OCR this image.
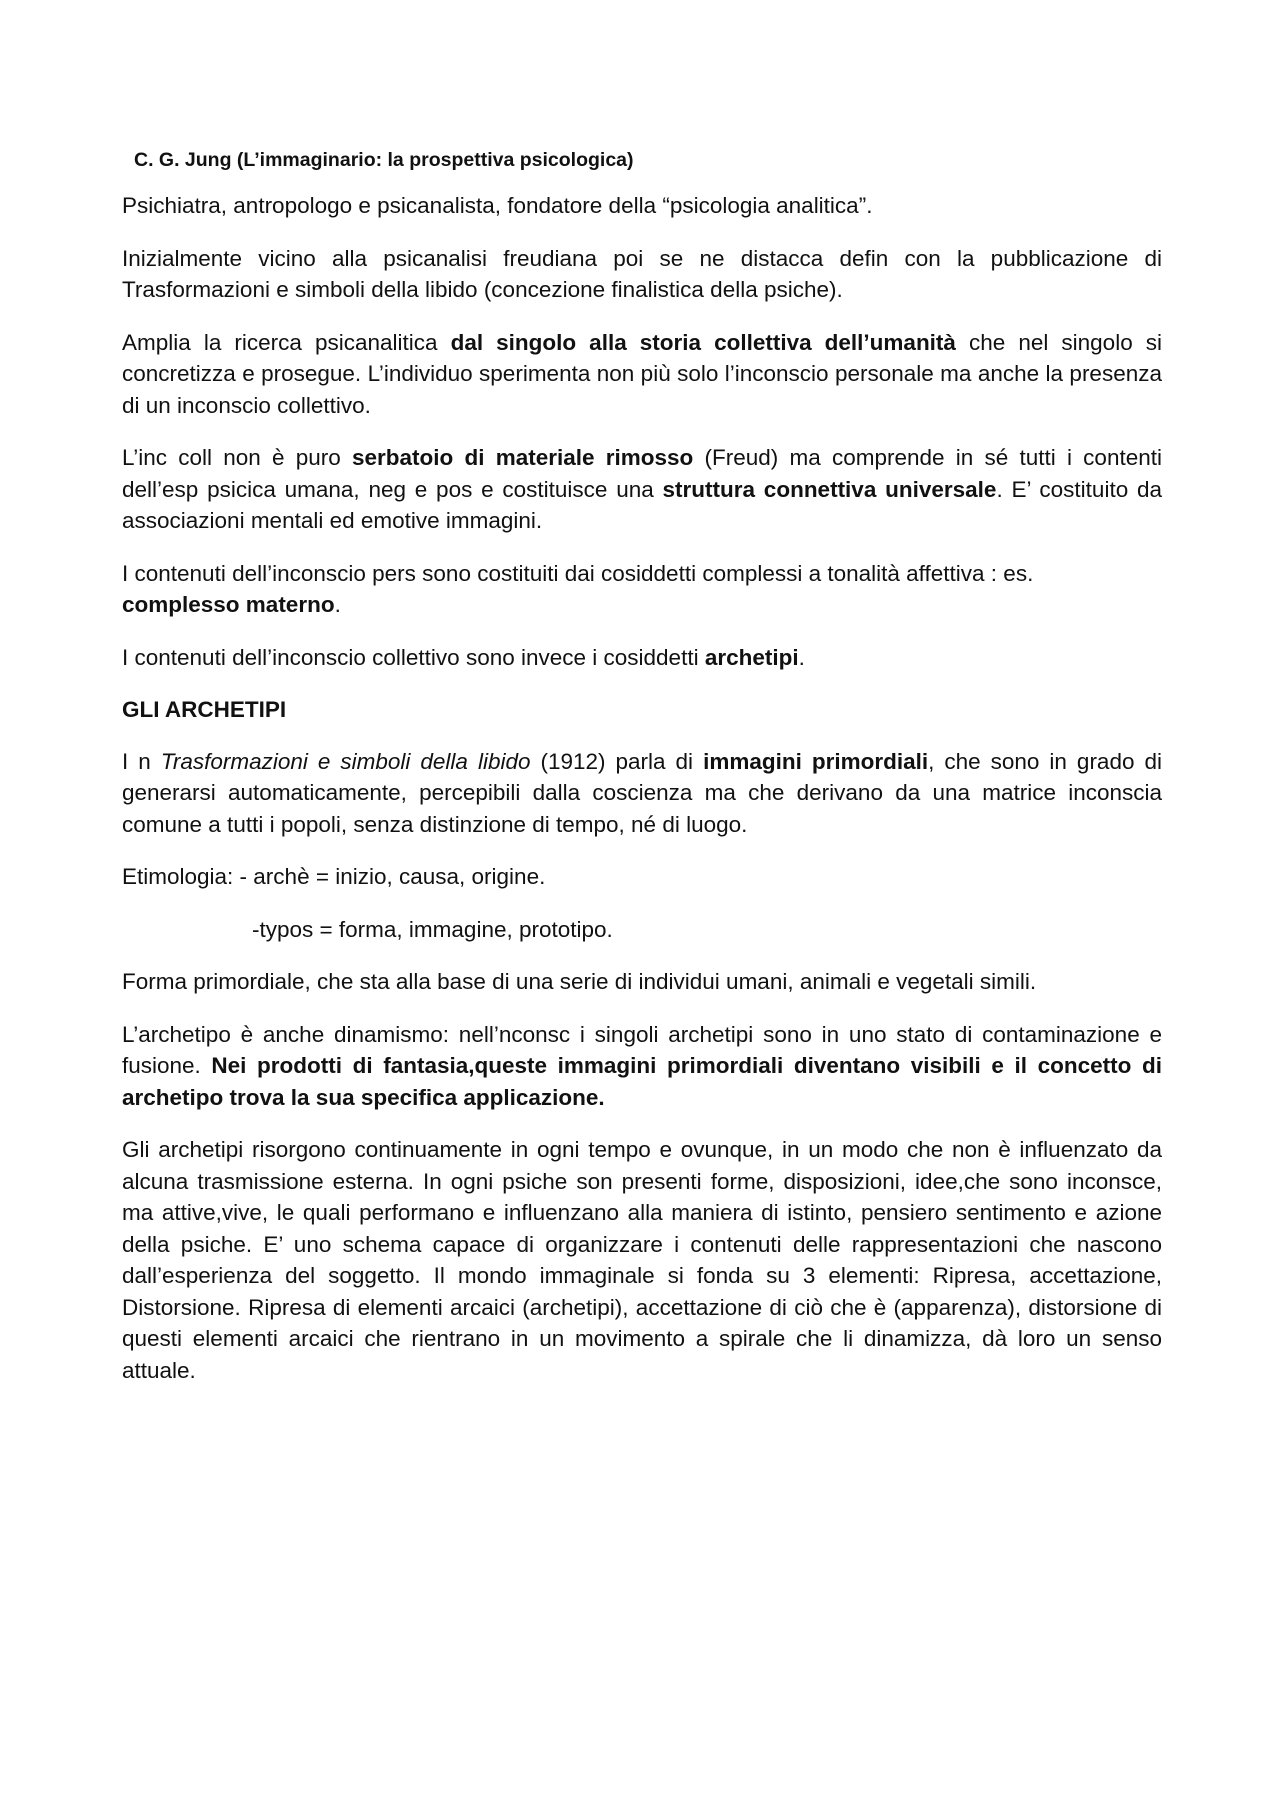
C. G. Jung (L’immaginario: la prospettiva psicologica)

Psichiatra, antropologo e psicanalista, fondatore della “psicologia analitica”.

Inizialmente vicino alla psicanalisi freudiana poi se ne distacca defin con la pubblicazione di Trasformazioni e simboli della libido (concezione finalistica della psiche).

Amplia la ricerca psicanalitica dal singolo alla storia collettiva dell’umanità che nel singolo si concretizza e prosegue. L’individuo sperimenta non più solo l’inconscio personale ma anche la presenza di un inconscio collettivo.

L’inc coll non è puro serbatoio di materiale rimosso (Freud) ma comprende in sé tutti i contenti dell’esp psicica umana, neg e pos e costituisce una struttura connettiva universale. E’ costituito da associazioni mentali ed emotive immagini.

I contenuti dell’inconscio pers sono costituiti dai cosiddetti complessi a tonalità affettiva : es.
complesso materno.

I contenuti dell’inconscio collettivo sono invece i cosiddetti archetipi.

GLI ARCHETIPI

I n Trasformazioni e simboli della libido (1912) parla di immagini primordiali, che sono in grado di generarsi automaticamente, percepibili dalla coscienza ma che derivano da una matrice inconscia comune a tutti i popoli, senza distinzione di tempo, né di luogo.

Etimologia: - archè = inizio, causa, origine.

-typos = forma, immagine, prototipo.

Forma primordiale, che sta alla base di una serie di individui umani, animali e vegetali simili.

L’archetipo è anche dinamismo: nell’nconsc i singoli archetipi sono in uno stato di contaminazione e fusione. Nei prodotti di fantasia,queste immagini primordiali diventano visibili e il concetto di archetipo trova la sua specifica applicazione.

Gli archetipi risorgono continuamente in ogni tempo e ovunque, in un modo che non è influenzato da alcuna trasmissione esterna. In ogni psiche son presenti forme, disposizioni, idee,che sono inconsce, ma attive,vive, le quali performano e influenzano alla maniera di istinto, pensiero sentimento e azione della psiche. E’ uno schema capace di organizzare i contenuti delle rappresentazioni che nascono dall’esperienza del soggetto. Il mondo immaginale si fonda su 3 elementi: Ripresa, accettazione, Distorsione. Ripresa di elementi arcaici (archetipi), accettazione di ciò che è (apparenza), distorsione di questi elementi arcaici che rientrano in un movimento a spirale che li dinamizza, dà loro un senso attuale.
